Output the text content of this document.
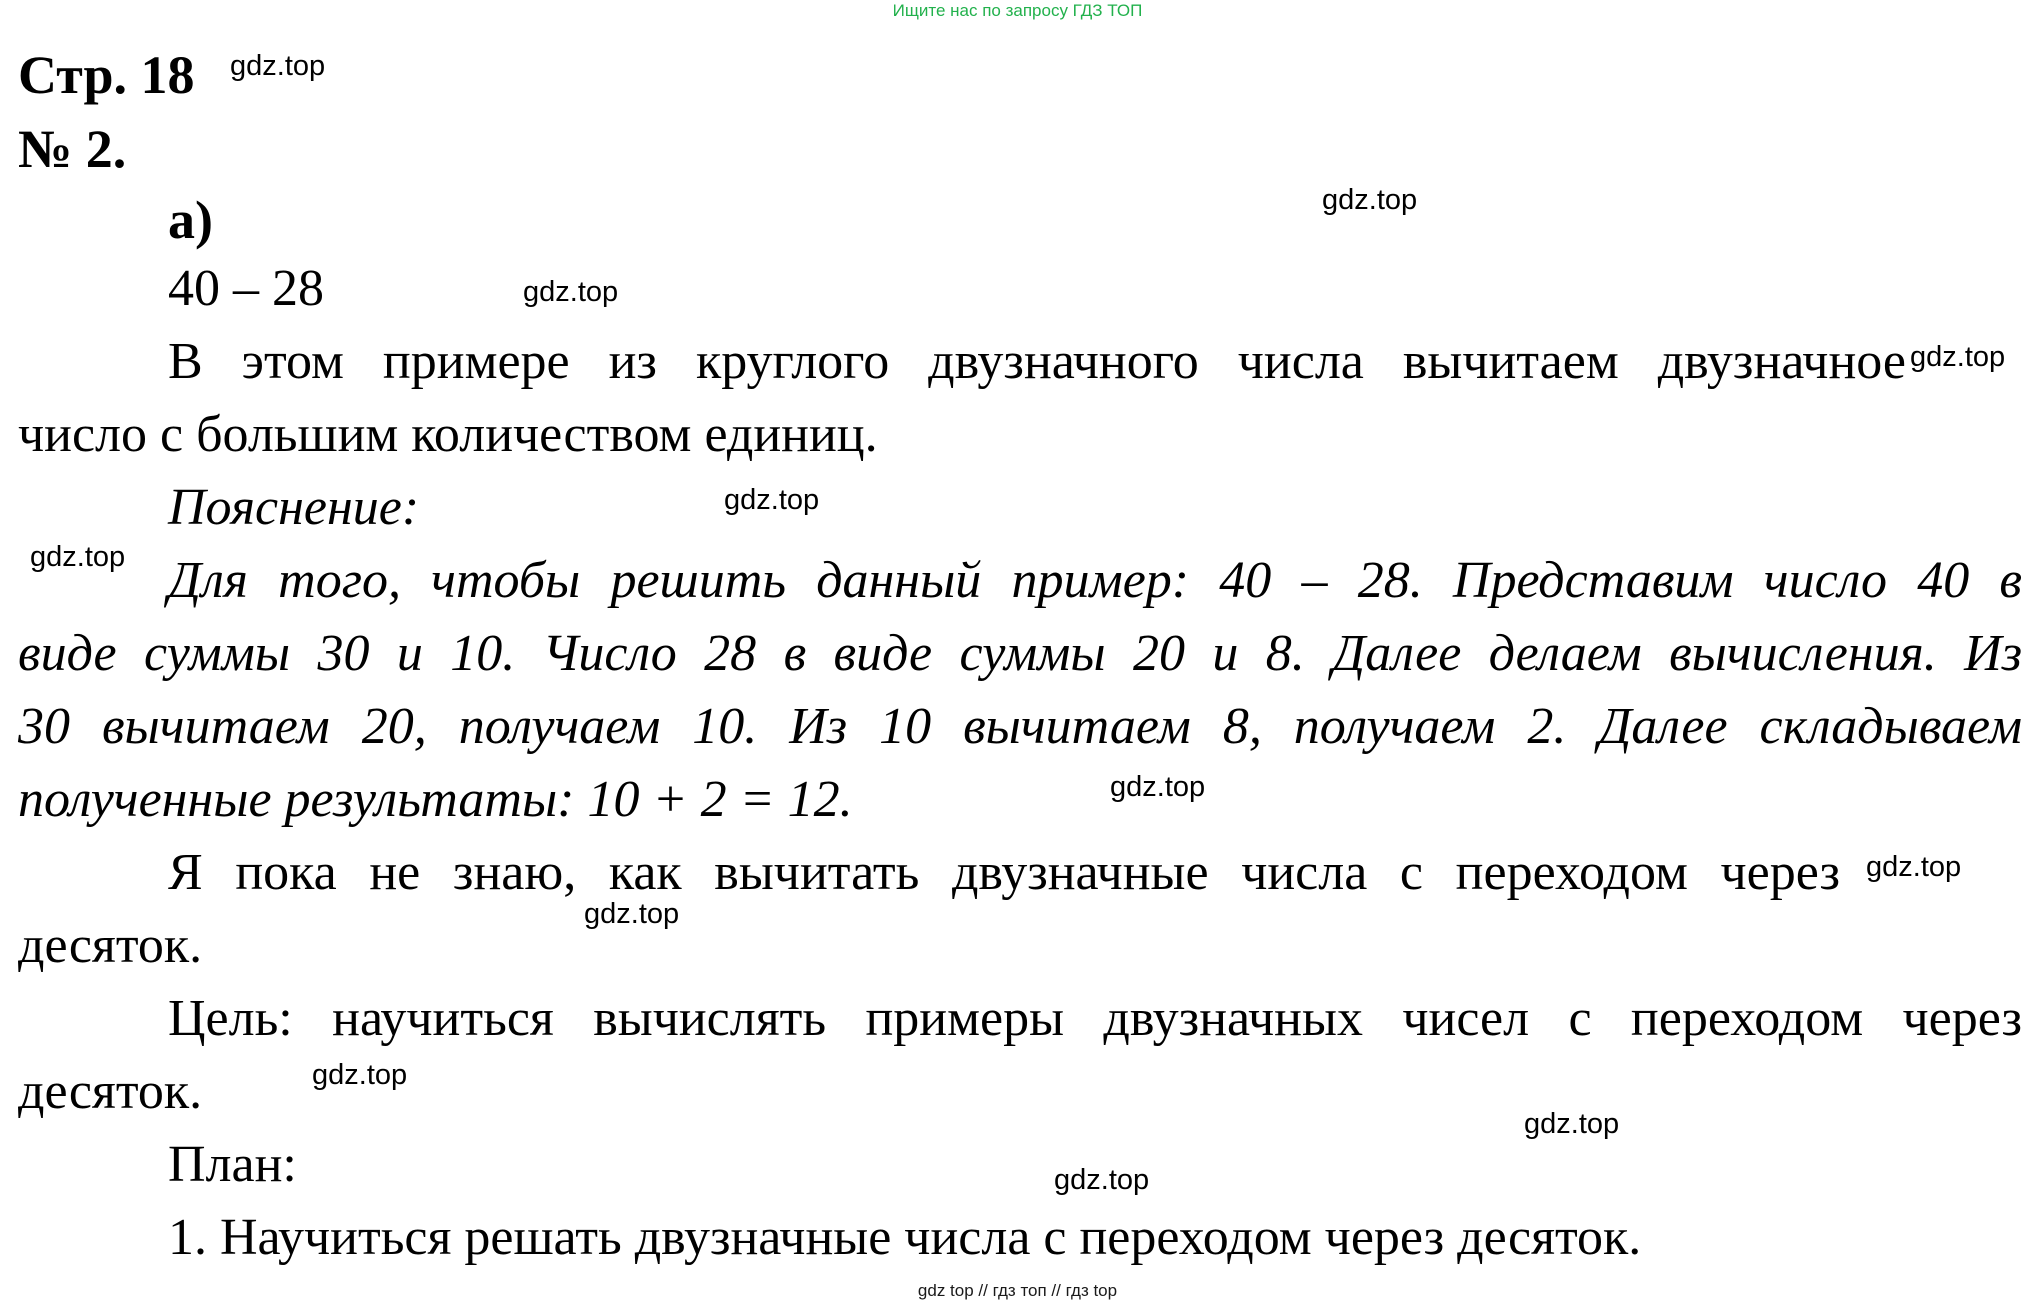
Ищите нас по запросу ГДЗ ТОП
Стр. 18
№ 2.
а)
40 – 28
В этом примере из круглого двузначного числа вычитаем двузначное
число с большим количеством единиц.
Пояснение:
Для того, чтобы решить данный пример: 40 – 28. Представим число 40 в
виде суммы 30 и 10. Число 28 в виде суммы 20 и 8. Далее делаем вычисления. Из
30 вычитаем 20, получаем 10. Из 10 вычитаем 8, получаем 2. Далее складываем
полученные результаты: 10 + 2 = 12.
Я пока не знаю, как вычитать двузначные числа с переходом через
десяток.
Цель: научиться вычислять примеры двузначных чисел с переходом через
десяток.
План:
1. Научиться решать двузначные числа с переходом через десяток.
gdz.top
gdz.top
gdz.top
gdz.top
gdz.top
gdz.top
gdz.top
gdz.top
gdz.top
gdz.top
gdz.top
gdz.top
gdz top // гдз топ // гдз top
